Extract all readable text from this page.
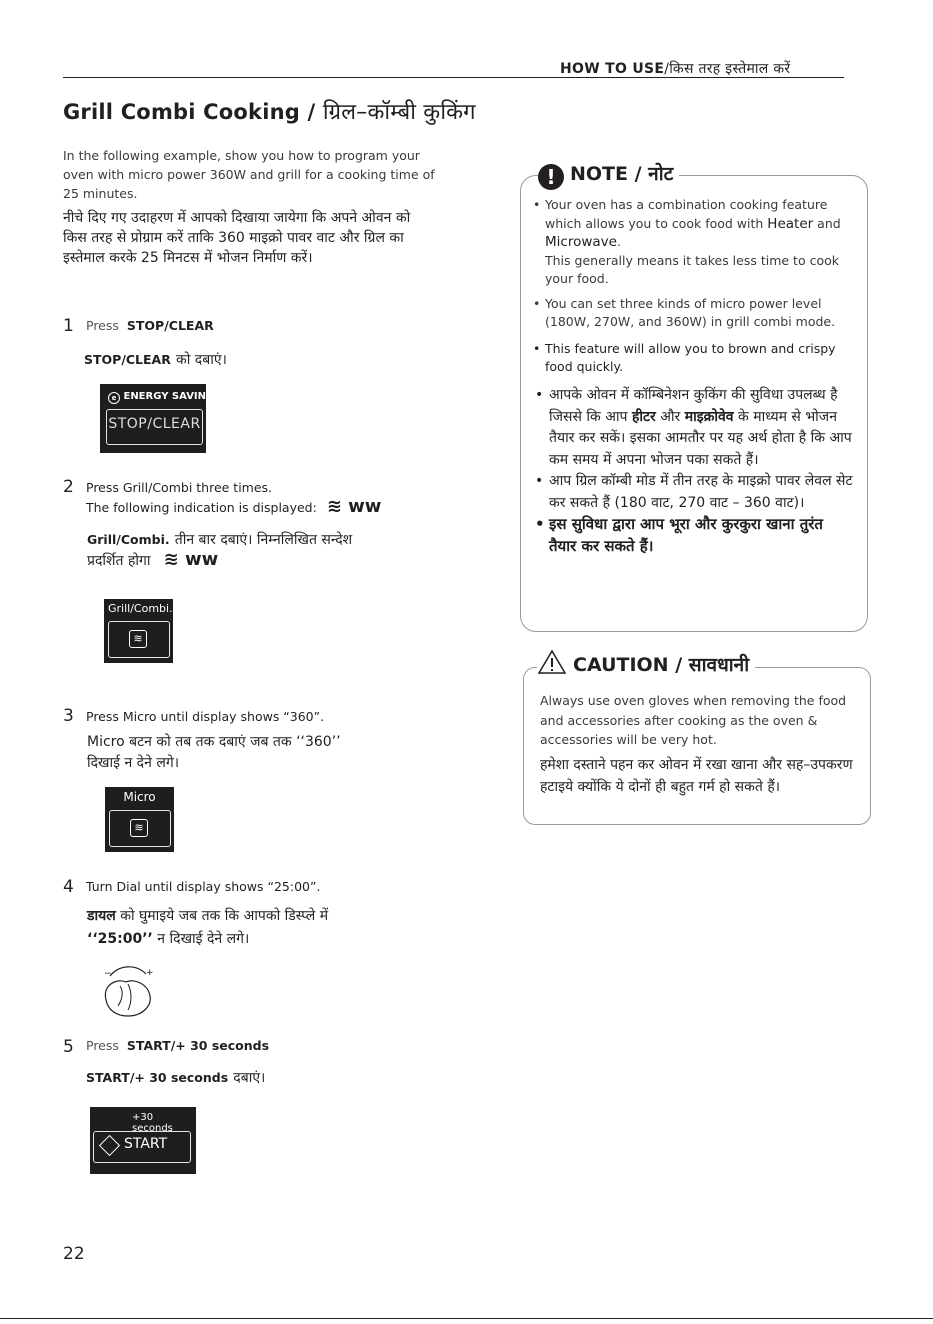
HOW TO USE/किस तरह इस्तेमाल करें
Grill Combi Cooking / ग्रिल–कॉम्बी कुकिंग
In the following example, show you how to program your oven with micro power 360W and grill for a cooking time of 25 minutes.
नीचे दिए गए उदाहरण में आपको दिखाया जायेगा कि अपने ओवन को किस तरह से प्रोग्राम करें ताकि 360 माइक्रो पावर वाट और ग्रिल का इस्तेमाल करके 25 मिनटस में भोजन निर्माण करें।
1 Press STOP/CLEAR
STOP/CLEAR को दबाएं।
e ENERGY SAVING
STOP/CLEAR
2 Press Grill/Combi three times.
The following indication is displayed: ≋ ᴡᴡ
Grill/Combi. तीन बार दबाएं। निम्नलिखित सन्देश
प्रदर्शित होगा ≋ ᴡᴡ
Grill/Combi.
≋
3 Press Micro until display shows “360”.
Micro बटन को तब तक दबाएं जब तक ‘‘360’’
दिखाई न देने लगे।
Micro
≋
4 Turn Dial until display shows “25:00”.
डायल को घुमाइये जब तक कि आपको डिस्प्ले में
‘‘25:00’’ न दिखाई देने लगे।
−	+
5 Press START/+ 30 seconds
START/+ 30 seconds दबाएं।
+30 seconds
START
! NOTE / नोट
• Your oven has a combination cooking feature which allows you to cook food with Heater and Microwave.
This generally means it takes less time to cook your food.
• You can set three kinds of micro power level (180W, 270W, and 360W) in grill combi mode.
• This feature will allow you to brown and crispy food quickly.
• आपके ओवन में कॉम्बिनेशन कुकिंग की सुविधा उपलब्ध है जिससे कि आप हीटर और माइक्रोवेव के माध्यम से भोजन तैयार कर सकें। इसका आमतौर पर यह अर्थ होता है कि आप कम समय में अपना भोजन पका सकते हैं।
• आप ग्रिल कॉम्बी मोड में तीन तरह के माइक्रो पावर लेवल सेट कर सकते हैं (180 वाट, 270 वाट – 360 वाट)।
• इस सुविधा द्वारा आप भूरा और कुरकुरा खाना तुरंत तैयार कर सकते हैं।
CAUTION / सावधानी
Always use oven gloves when removing the food and accessories after cooking as the oven & accessories will be very hot.
हमेशा दस्ताने पहन कर ओवन में रखा खाना और सह–उपकरण हटाइये क्योंकि ये दोनों ही बहुत गर्म हो सकते हैं।
22
